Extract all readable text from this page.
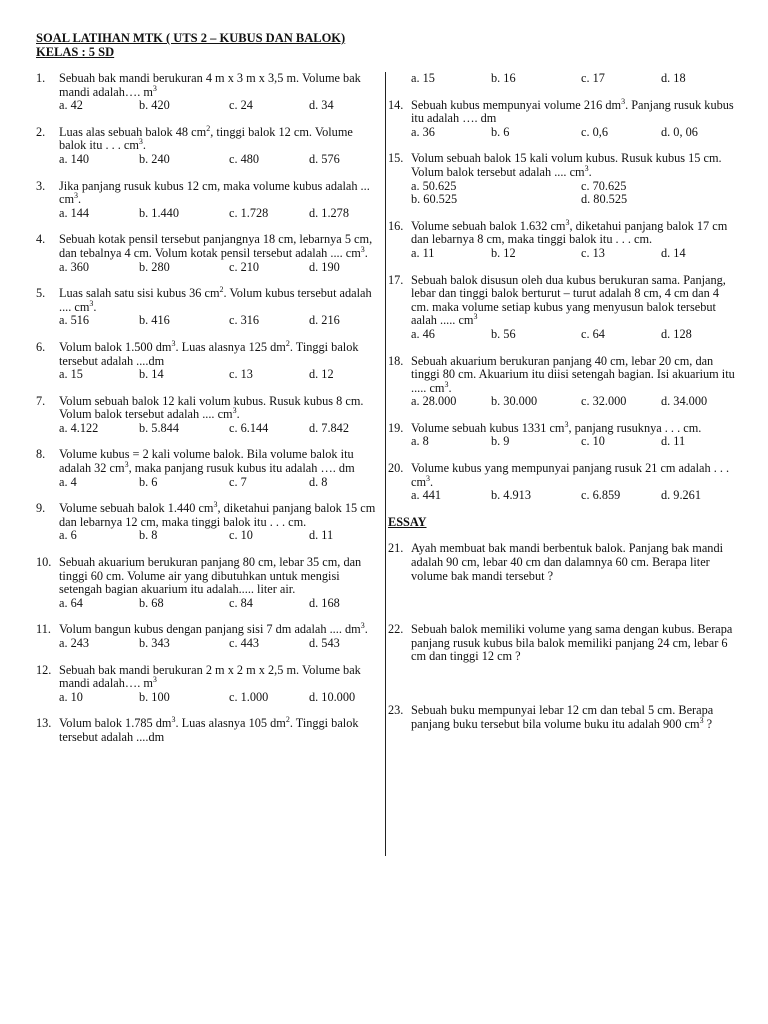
SOAL LATIHAN MTK ( UTS 2 – KUBUS DAN BALOK)
KELAS : 5 SD
1.	Sebuah bak mandi berukuran 4 m x 3 m x 3,5 m. Volume bak mandi adalah…. $m^3$
a. 42	b. 420	c. 24	d. 34
2.	Luas alas sebuah balok 48 $cm^2$, tinggi balok 12 cm. Volume balok itu . . . $cm^3$.
a. 140	b. 240	c. 480	d. 576
3.	Jika panjang rusuk kubus 12 cm, maka volume kubus adalah ... $cm^3$.
a. 144	b. 1.440	c. 1.728	d. 1.278
4.	Sebuah kotak pensil tersebut panjangnya 18 cm, lebarnya 5 cm, dan tebalnya 4 cm. Volum kotak pensil tersebut adalah .... $cm^3$.
a. 360	b. 280	c. 210	d. 190
5.	Luas salah satu sisi kubus 36 $cm^2$. Volum kubus tersebut adalah .... $cm^3$.
a. 516	b. 416	c. 316	d. 216
6.	Volum balok 1.500 $dm^3$. Luas alasnya 125 $dm^2$. Tinggi balok tersebut adalah ....dm
a. 15	b. 14	c. 13	d. 12
7.	Volum sebuah balok 12 kali volum kubus. Rusuk kubus 8 cm. Volum balok tersebut adalah .... $cm^3$.
a. 4.122	b. 5.844	c. 6.144	d. 7.842
8.	Volume kubus = 2 kali volume balok. Bila volume balok itu adalah 32 $cm^3$, maka panjang rusuk kubus itu adalah …. dm
a. 4	b. 6	c. 7	d. 8
9.	Volume sebuah balok 1.440 $cm^3$, diketahui panjang balok 15 cm dan lebarnya 12 cm, maka tinggi balok itu . . . cm.
a. 6	b. 8	c. 10	d. 11
10. Sebuah akuarium berukuran panjang 80 cm, lebar 35 cm, dan tinggi 60 cm. Volume air yang dibutuhkan untuk mengisi setengah bagian akuarium itu adalah..... liter air.
a. 64	b. 68	c. 84	d. 168
11. Volum bangun kubus dengan panjang sisi 7 dm adalah .... $dm^3$.
a. 243	b. 343	c. 443	d. 543
12. Sebuah bak mandi berukuran 2 m x 2 m x 2,5 m. Volume bak mandi adalah…. $m^3$
a. 10	b. 100	c. 1.000	d. 10.000
13. Volum balok 1.785 $dm^3$. Luas alasnya 105 $dm^2$. Tinggi balok tersebut adalah ....dm
a. 15	b. 16	c. 17	d. 18
14. Sebuah kubus mempunyai volume 216 $dm^3$. Panjang rusuk kubus itu adalah …. dm
a. 36	b. 6	c. 0,6	d. 0, 06
15. Volum sebuah balok 15 kali volum kubus. Rusuk kubus 15 cm. Volum balok tersebut adalah .... $cm^3$.
a. 50.625	c. 70.625
b. 60.525	d. 80.525
16. Volume sebuah balok 1.632 $cm^3$, diketahui panjang balok 17 cm dan lebarnya 8 cm, maka tinggi balok itu . . . cm.
a. 11	b. 12	c. 13	d. 14
17. Sebuah balok disusun oleh dua kubus berukuran sama. Panjang, lebar dan tinggi balok berturut – turut adalah 8 cm, 4 cm dan 4 cm. maka volume setiap kubus yang menyusun balok tersebut aalah ..... $cm^3$
a. 46	b. 56	c. 64	d. 128
18. Sebuah akuarium berukuran panjang 40 cm, lebar 20 cm, dan tinggi 80 cm. Akuarium itu diisi setengah bagian. Isi akuarium itu ..... $cm^3$.
a. 28.000	b. 30.000	c. 32.000	d. 34.000
19. Volume sebuah kubus 1331 $cm^3$, panjang rusuknya . . . cm.
a. 8	b. 9	c. 10	d. 11
20. Volume kubus yang mempunyai panjang rusuk 21 cm adalah . . . $cm^3$.
a. 441	b. 4.913	c. 6.859	d. 9.261
ESSAY
21. Ayah membuat bak mandi berbentuk balok. Panjang bak mandi adalah 90 cm, lebar 40 cm dan dalamnya 60 cm. Berapa liter volume bak mandi tersebut ?
22. Sebuah balok memiliki volume yang sama dengan kubus. Berapa panjang rusuk kubus bila balok memiliki panjang 24 cm, lebar 6 cm dan tinggi 12 cm ?
23. Sebuah buku mempunyai lebar 12 cm dan tebal 5 cm. Berapa panjang buku tersebut bila volume buku itu adalah 900 $cm^3$ ?
